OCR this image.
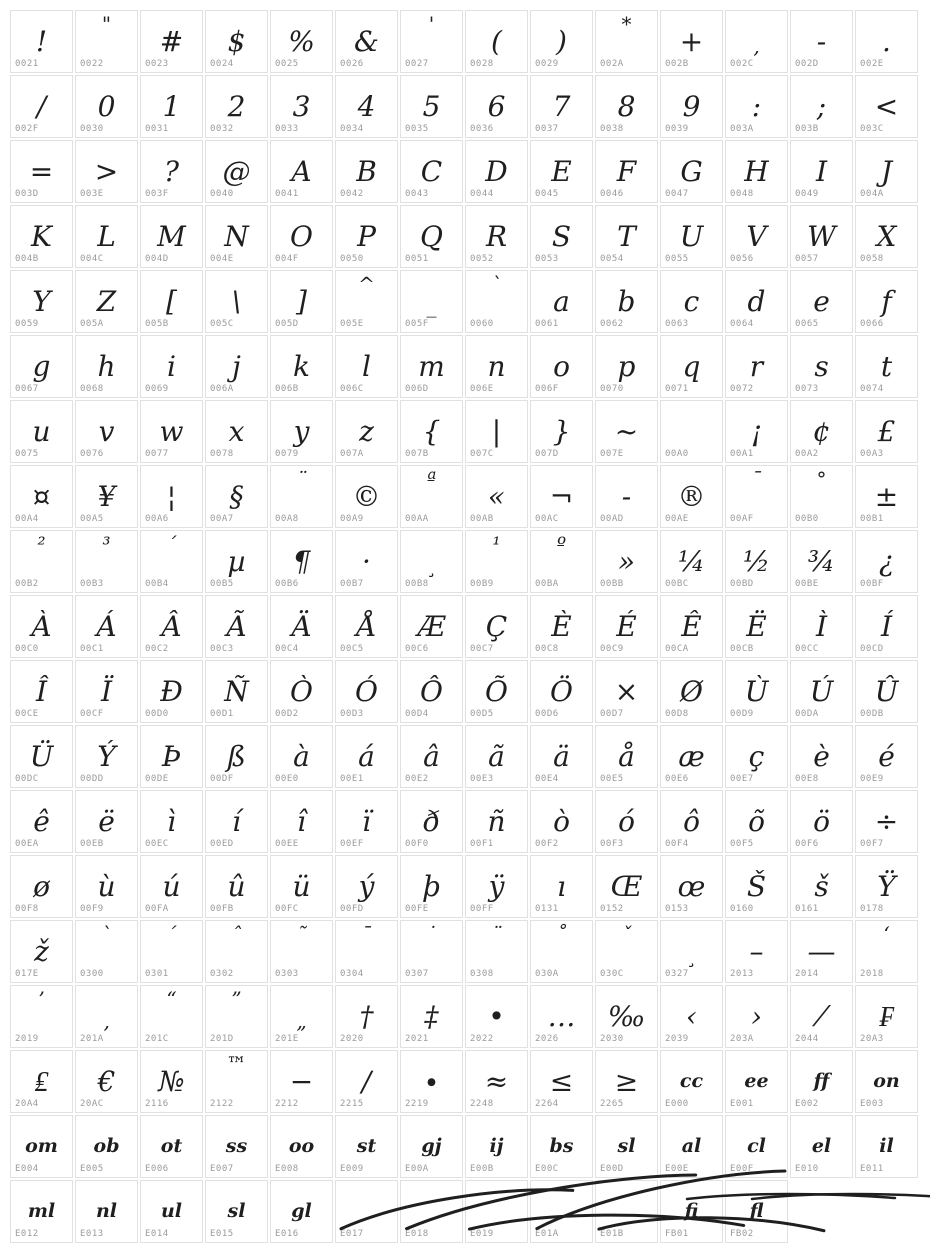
!
0021
"
0022
#
0023
$
0024
%
0025
&
0026
'
0027
(
0028
)
0029
*
002A
+
002B
,
002C
-
002D
.
002E
/
002F
0
0030
1
0031
2
0032
3
0033
4
0034
5
0035
6
0036
7
0037
8
0038
9
0039
:
003A
;
003B
<
003C
=
003D
>
003E
?
003F
@
0040
A
0041
B
0042
C
0043
D
0044
E
0045
F
0046
G
0047
H
0048
I
0049
J
004A
K
004B
L
004C
M
004D
N
004E
O
004F
P
0050
Q
0051
R
0052
S
0053
T
0054
U
0055
V
0056
W
0057
X
0058
Y
0059
Z
005A
[
005B
\
005C
]
005D
^
005E
_
005F
`
0060
a
0061
b
0062
c
0063
d
0064
e
0065
f
0066
g
0067
h
0068
i
0069
j
006A
k
006B
l
006C
m
006D
n
006E
o
006F
p
0070
q
0071
r
0072
s
0073
t
0074
u
0075
v
0076
w
0077
x
0078
y
0079
z
007A
{
007B
|
007C
}
007D
~
007E	00A0
¡
00A1
¢
00A2
£
00A3
¤
00A4
¥
00A5
¦
00A6
§
00A7
¨
00A8
©
00A9
ª
00AA
«
00AB
¬
00AC
-
00AD
®
00AE
¯
00AF
°
00B0
±
00B1
²
00B2
³
00B3
´
00B4
µ
00B5
¶
00B6
·
00B7
¸
00B8
¹
00B9
º
00BA
»
00BB
¼
00BC
½
00BD
¾
00BE
¿
00BF
À
00C0
Á
00C1
Â
00C2
Ã
00C3
Ä
00C4
Å
00C5
Æ
00C6
Ç
00C7
È
00C8
É
00C9
Ê
00CA
Ë
00CB
Ì
00CC
Í
00CD
Î
00CE
Ï
00CF
Ð
00D0
Ñ
00D1
Ò
00D2
Ó
00D3
Ô
00D4
Õ
00D5
Ö
00D6
×
00D7
Ø
00D8
Ù
00D9
Ú
00DA
Û
00DB
Ü
00DC
Ý
00DD
Þ
00DE
ß
00DF
à
00E0
á
00E1
â
00E2
ã
00E3
ä
00E4
å
00E5
æ
00E6
ç
00E7
è
00E8
é
00E9
ê
00EA
ë
00EB
ì
00EC
í
00ED
î
00EE
ï
00EF
ð
00F0
ñ
00F1
ò
00F2
ó
00F3
ô
00F4
õ
00F5
ö
00F6
÷
00F7
ø
00F8
ù
00F9
ú
00FA
û
00FB
ü
00FC
ý
00FD
þ
00FE
ÿ
00FF
ı
0131
Œ
0152
œ
0153
Š
0160
š
0161
Ÿ
0178
ž
017E
ˋ
0300
ˊ
0301
ˆ
0302
˜
0303
ˉ
0304
˙
0307
¨
0308
˚
030A
ˇ
030C
¸
0327
–
2013
—
2014
‘
2018
’
2019
‚
201A
“
201C
”
201D
„
201E
†
2020
‡
2021
•
2022
…
2026
‰
2030
‹
2039
›
203A
⁄
2044
₣
20A3
₤
20A4
€
20AC
№
2116
™
2122
−
2212
∕
2215
∙
2219
≈
2248
≤
2264
≥
2265
cc
E000
ee
E001
ff
E002
on
E003
om
E004
ob
E005
ot
E006
ss
E007
oo
E008
st
E009
gj
E00A
ij
E00B
bs
E00C
sl
E00D
al
E00E
cl
E00F
el
E010
il
E011
ml
E012
nl
E013
ul
E014
sl
E015
gl
E016	E017	E018	E019	E01A	E01B
fi
FB01
fl
FB02
